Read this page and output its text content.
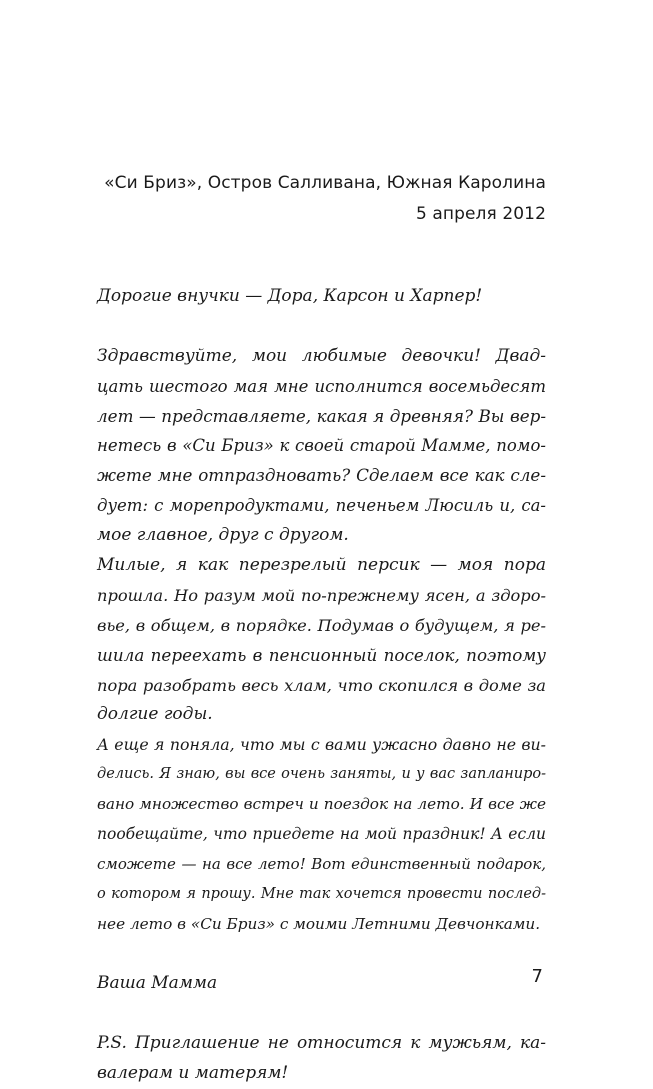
«Си Бриз», Остров Салливана, Южная Каролина
5 апреля 2012
Дорогие внучки — Дора, Карсон и Харпер!
Здравствуйте, мои любимые девочки! Двад-
цать шестого мая мне исполнится восемьдесят
лет — представляете, какая я древняя? Вы вер-
нетесь в «Си Бриз» к своей старой Мамме, помо-
жете мне отпраздновать? Сделаем все как сле-
дует: с морепродуктами, печеньем Люсиль и, са-
мое главное, друг с другом.
Милые, я как перезрелый персик — моя пора
прошла. Но разум мой по-прежнему ясен, а здоро-
вье, в общем, в порядке. Подумав о будущем, я ре-
шила переехать в пенсионный поселок, поэтому
пора разобрать весь хлам, что скопился в доме за
долгие годы.
А еще я поняла, что мы с вами ужасно давно не ви-
делись. Я знаю, вы все очень заняты, и у вас запланиро-
вано множество встреч и поездок на лето. И все же
пообещайте, что приедете на мой праздник! А если
сможете — на все лето! Вот единственный подарок,
о котором я прошу. Мне так хочется провести послед-
нее лето в «Си Бриз» с моими Летними Девчонками.
Ваша Мамма
P.S. Приглашение не относится к мужьям, ка-
валерам и матерям!
7
